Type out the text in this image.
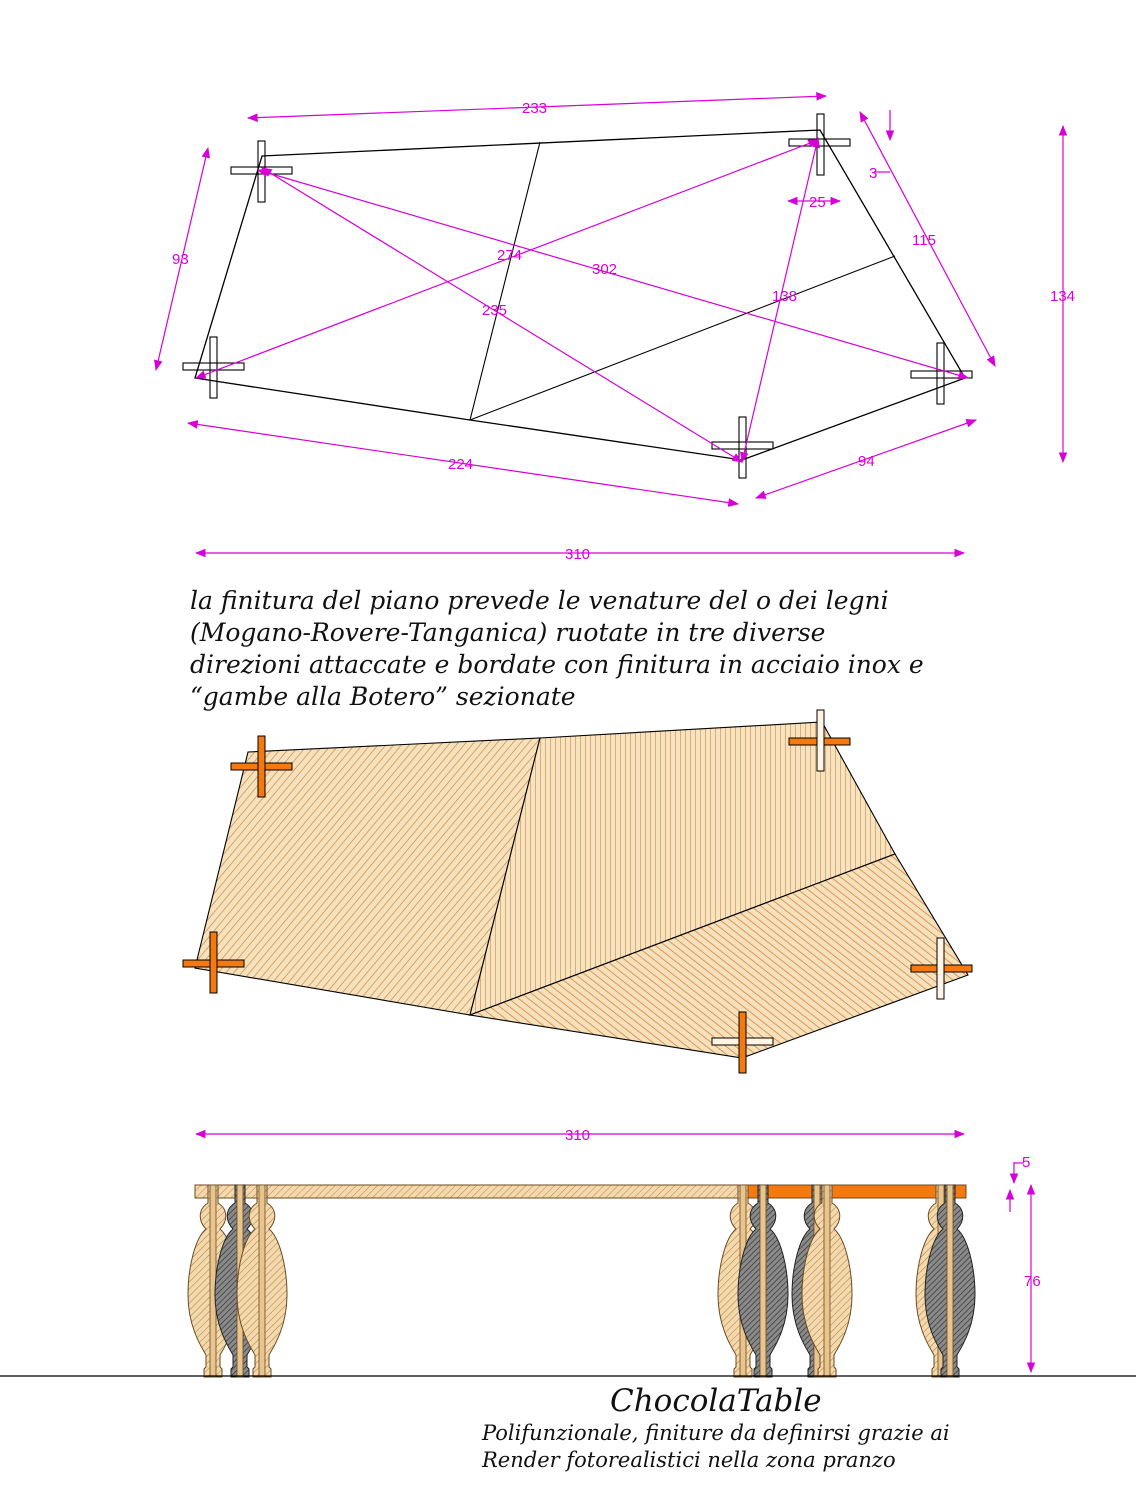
233
93
115
224	94
274
302
235
138
3
25
134
310
310
5
76
la finitura del piano prevede le venature del o dei legni
(Mogano-Rovere-Tanganica) ruotate in tre diverse
direzioni attaccate e bordate con finitura in acciaio inox e
“gambe alla Botero” sezionate
ChocolaTable
Polifunzionale, finiture da definirsi grazie ai
Render fotorealistici nella zona pranzo
